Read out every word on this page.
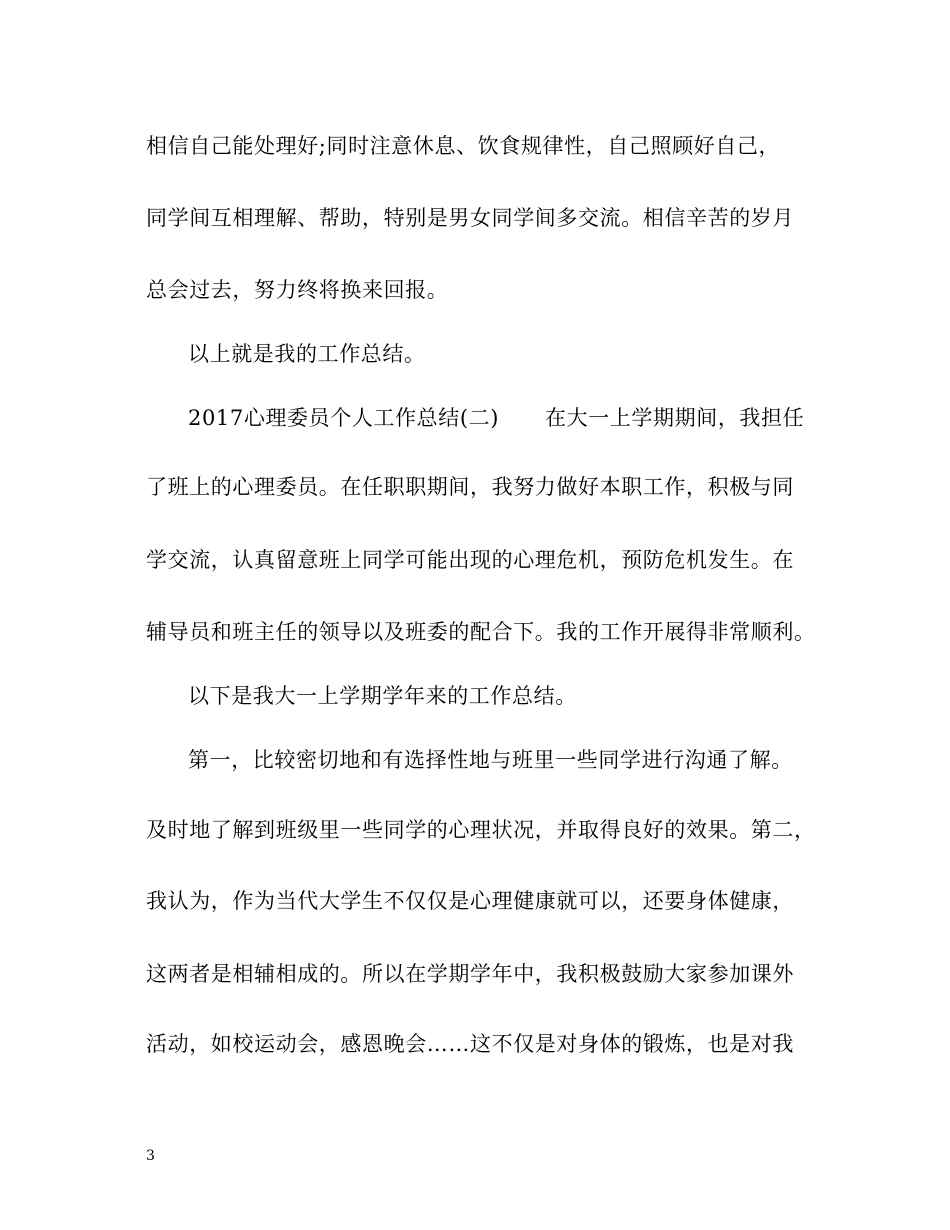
相信自己能处理好;同时注意休息、饮食规律性，自己照顾好自己，
同学间互相理解、帮助，特别是男女同学间多交流。相信辛苦的岁月
总会过去，努力终将换来回报。
以上就是我的工作总结。
2017心理委员个人工作总结(二) 在大一上学期期间，我担任
了班上的心理委员。在任职职期间，我努力做好本职工作，积极与同
学交流，认真留意班上同学可能出现的心理危机，预防危机发生。在
辅导员和班主任的领导以及班委的配合下。我的工作开展得非常顺利。
以下是我大一上学期学年来的工作总结。
第一，比较密切地和有选择性地与班里一些同学进行沟通了解。
及时地了解到班级里一些同学的心理状况，并取得良好的效果。第二，
我认为，作为当代大学生不仅仅是心理健康就可以，还要身体健康，
这两者是相辅相成的。所以在学期学年中，我积极鼓励大家参加课外
活动，如校运动会，感恩晚会……这不仅是对身体的锻炼，也是对我
3
